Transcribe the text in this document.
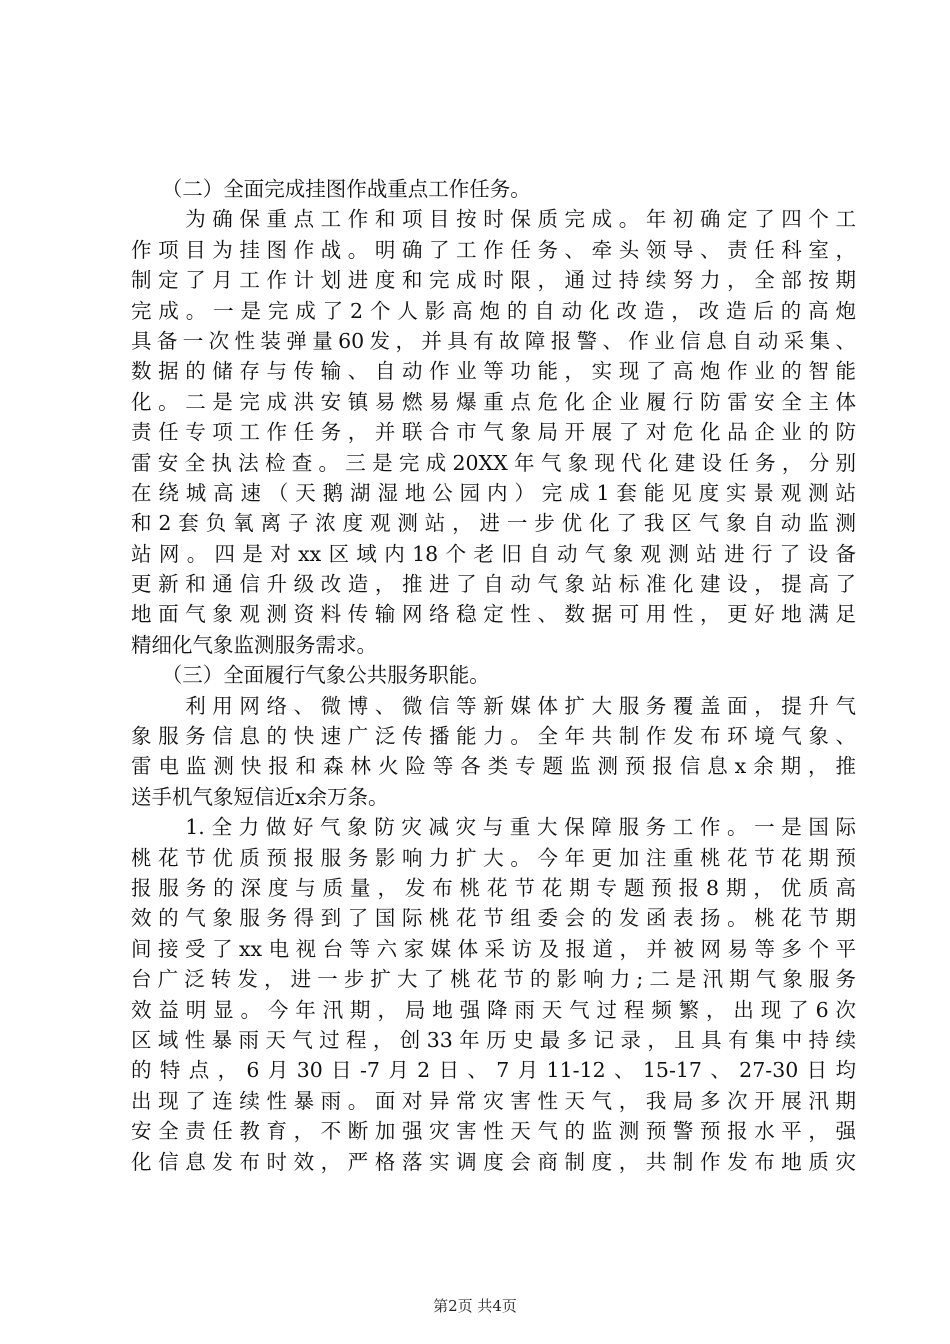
　　（二）全面完成挂图作战重点工作任务。
　　为确保重点工作和项目按时保质完成。年初确定了四个工
作项目为挂图作战。明确了工作任务、牵头领导、责任科室，
制定了月工作计划进度和完成时限，通过持续努力，全部按期
完成。一是完成了2个人影高炮的自动化改造，改造后的高炮
具备一次性装弹量60发，并具有故障报警、作业信息自动采集、
数据的储存与传输、自动作业等功能，实现了高炮作业的智能
化。二是完成洪安镇易燃易爆重点危化企业履行防雷安全主体
责任专项工作任务，并联合市气象局开展了对危化品企业的防
雷安全执法检查。三是完成20XX年气象现代化建设任务，分别
在绕城高速（天鹅湖湿地公园内）完成1套能见度实景观测站
和2套负氧离子浓度观测站，进一步优化了我区气象自动监测
站网。四是对xx区域内18个老旧自动气象观测站进行了设备
更新和通信升级改造，推进了自动气象站标准化建设，提高了
地面气象观测资料传输网络稳定性、数据可用性，更好地满足
精细化气象监测服务需求。
　　（三）全面履行气象公共服务职能。
　　利用网络、微博、微信等新媒体扩大服务覆盖面，提升气
象服务信息的快速广泛传播能力。全年共制作发布环境气象、
雷电监测快报和森林火险等各类专题监测预报信息x余期，推
送手机气象短信近x余万条。
　　1.全力做好气象防灾减灾与重大保障服务工作。一是国际
桃花节优质预报服务影响力扩大。今年更加注重桃花节花期预
报服务的深度与质量，发布桃花节花期专题预报8期，优质高
效的气象服务得到了国际桃花节组委会的发函表扬。桃花节期
间接受了xx电视台等六家媒体采访及报道，并被网易等多个平
台广泛转发，进一步扩大了桃花节的影响力;二是汛期气象服务
效益明显。今年汛期，局地强降雨天气过程频繁，出现了6次
区域性暴雨天气过程，创33年历史最多记录，且具有集中持续
的特点，6月30日-7月2日、7月11-12、15-17、27-30日均
出现了连续性暴雨。面对异常灾害性天气，我局多次开展汛期
安全责任教育，不断加强灾害性天气的监测预警预报水平，强
化信息发布时效，严格落实调度会商制度，共制作发布地质灾
第2页 共4页
